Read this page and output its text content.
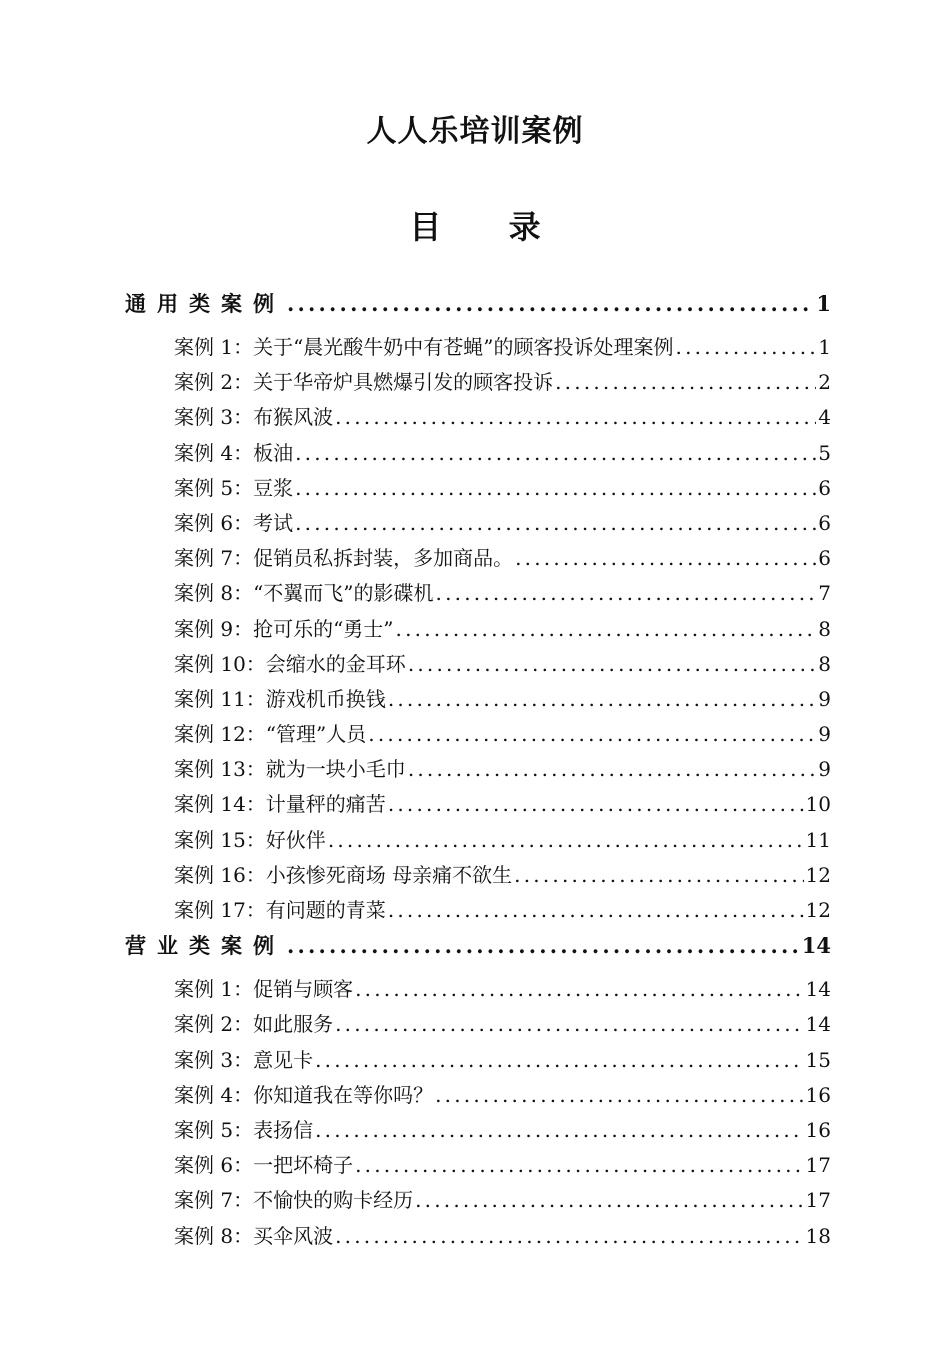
人人乐培训案例
目 录
通用类案例 .....	1
案例 1：关于“晨光酸牛奶中有苍蝇”的顾客投诉处理案例 .....	1
案例 2：关于华帝炉具燃爆引发的顾客投诉 .....	2
案例 3：布猴风波 .....	4
案例 4：板油 .....	5
案例 5：豆浆 .....	6
案例 6：考试 .....	6
案例 7：促销员私拆封装，多加商品。 .....	6
案例 8：“不翼而飞”的影碟机 .....	7
案例 9：抢可乐的“勇士” .....	8
案例 10：会缩水的金耳环 .....	8
案例 11：游戏机币换钱 .....	9
案例 12：“管理”人员 .....	9
案例 13：就为一块小毛巾 .....	9
案例 14：计量秤的痛苦 .....	10
案例 15：好伙伴 .....	11
案例 16：小孩惨死商场 母亲痛不欲生 .....	12
案例 17：有问题的青菜 .....	12
营业类案例 .....	14
案例 1：促销与顾客 .....	14
案例 2：如此服务 .....	14
案例 3：意见卡 .....	15
案例 4：你知道我在等你吗？ .....	16
案例 5：表扬信 .....	16
案例 6：一把坏椅子 .....	17
案例 7：不愉快的购卡经历 .....	17
案例 8：买伞风波 .....	18
